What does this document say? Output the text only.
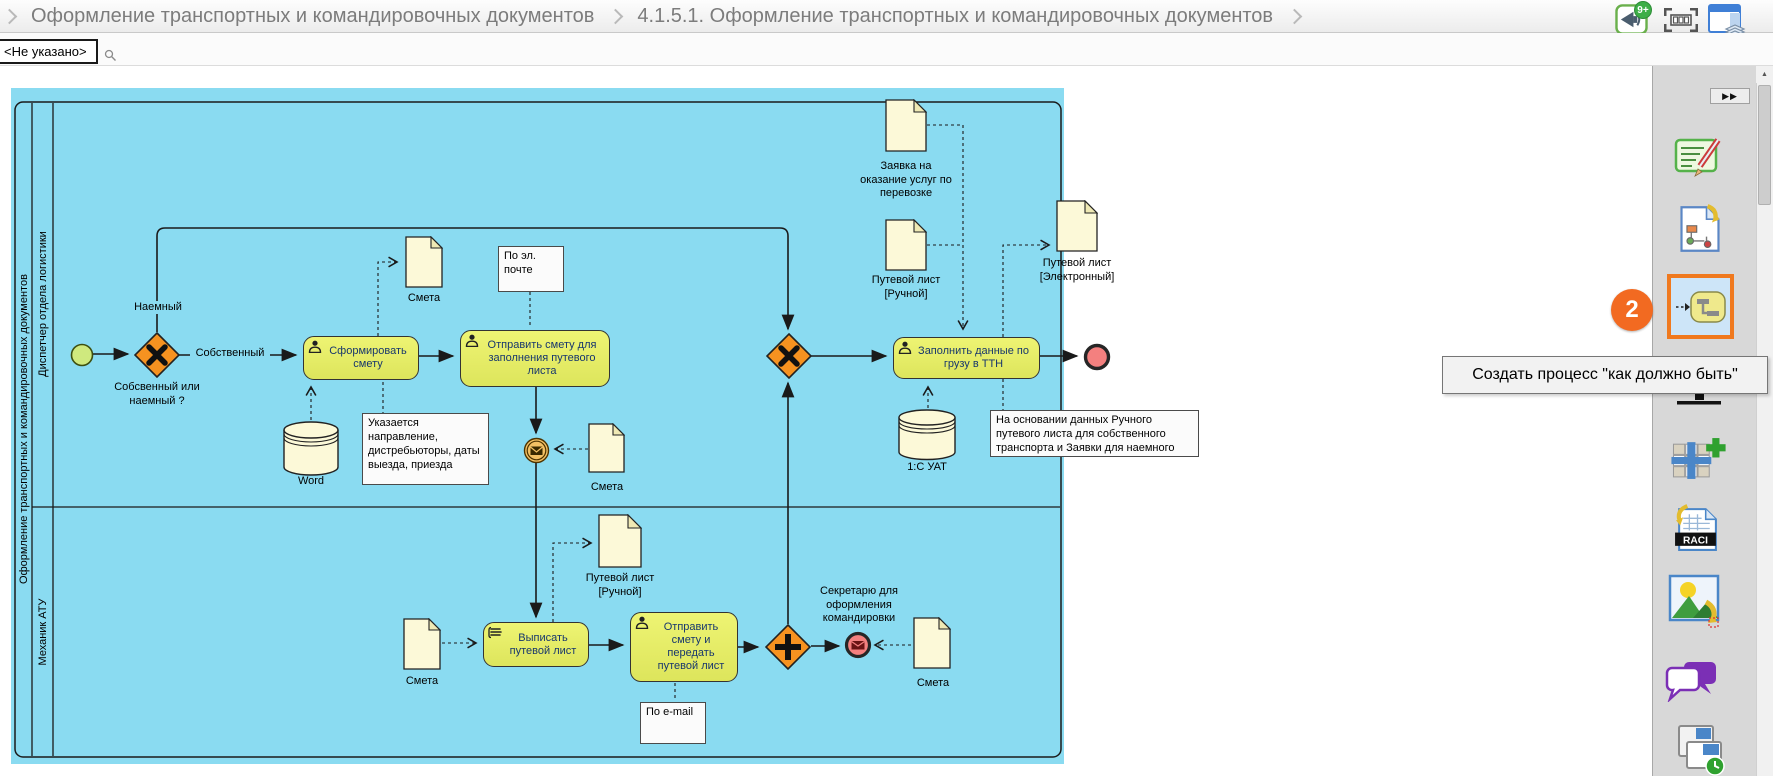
Оформление транспортных и командировочных документов 4.1.5.1. Оформление транспортных и командировочных документов	9+
<Не указано>
Оформление транспортных и командировочных документов Диспетчер отдела логистики
Механик АТУ
Собсвенный или наемный ?
Наемный
Собственный	Сформировать смету
Отправить смету для заполнения путевого листа
Заполнить данные по грузу в ТТН
Смета
Смета
Заявка на оказание услуг по перевозке
Путевой лист [Ручной]
Путевой лист [Электронный]
Word
1:С УАТ
Указается направление, дистребьюторы, даты выезда, приезда
По эл. почте
На основании данных Ручного путевого листа для собственного транспорта и Заявки для наемного
Смета
Выписать путевой лист
Путевой лист [Ручной]
Отправить смету и передать путевой лист
По e-mail
Секретарю для оформления командировки
Смета
▶▶
2
RACI
▲
Создать процесс "как должно быть"
